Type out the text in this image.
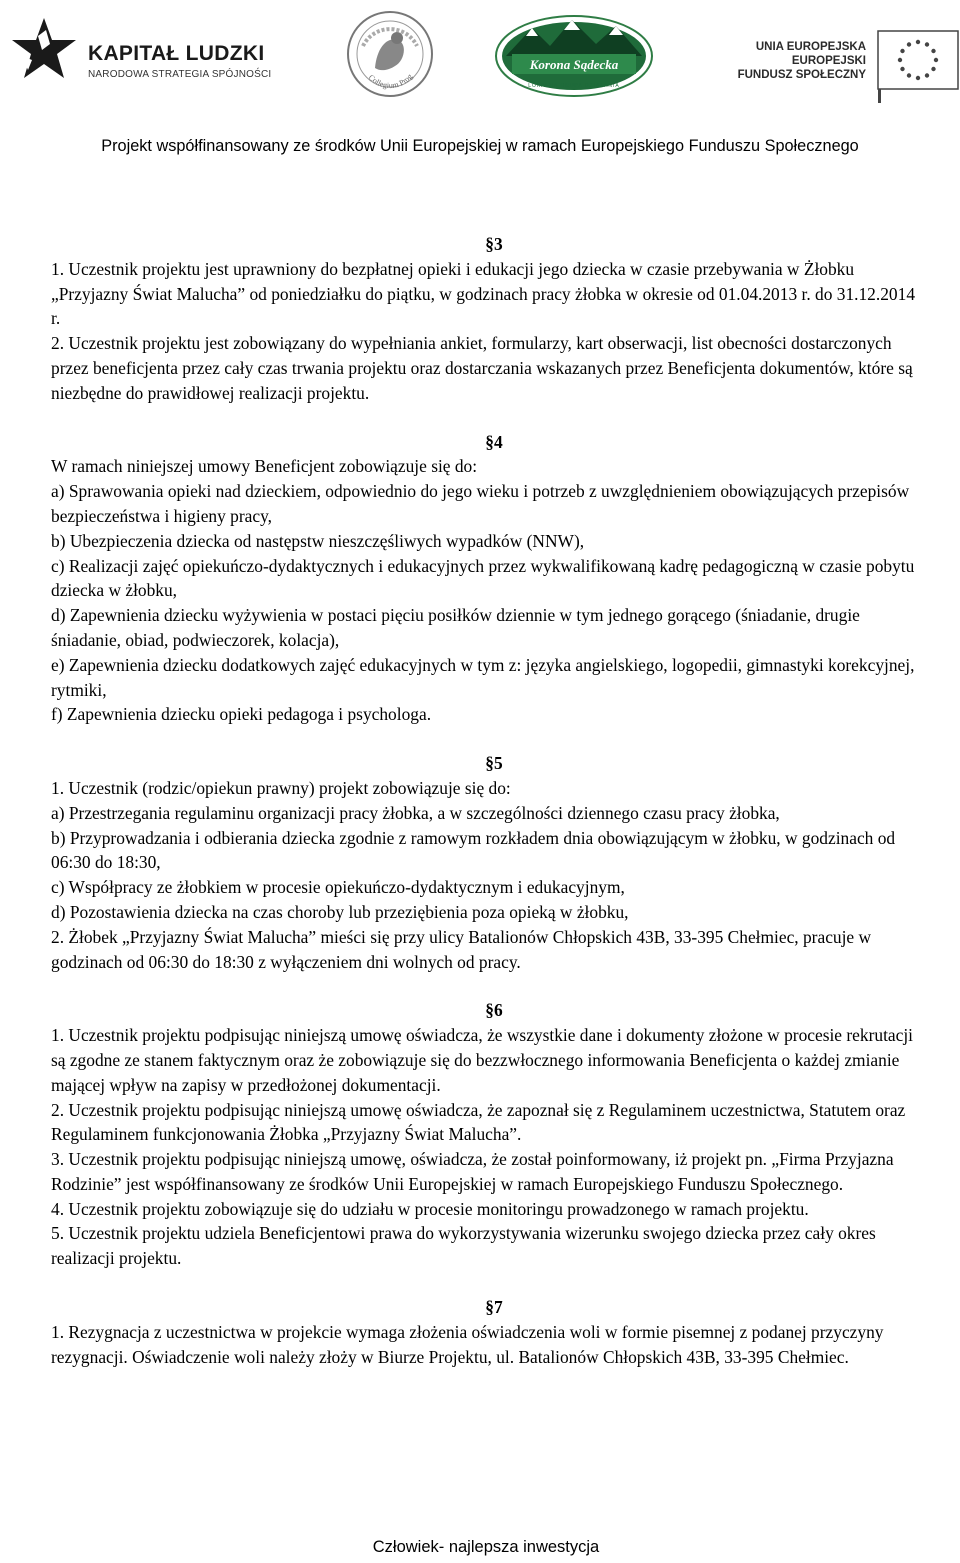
KAPITAŁ LUDZKI
NARODOWA STRATEGIA SPÓJNOŚCI	Collegium Prog
Korona Sądecka
LOKALNA GRUPA DZIAŁANIA
UNIA EUROPEJSKA
EUROPEJSKI
FUNDUSZ SPOŁECZNY
Projekt współfinansowany ze środków Unii Europejskiej w ramach Europejskiego Funduszu Społecznego
§3

1. Uczestnik projektu jest uprawniony do bezpłatnej opieki i edukacji jego dziecka w czasie przebywania w Żłobku „Przyjazny Świat Malucha” od poniedziałku do piątku, w godzinach pracy żłobka w okresie od 01.04.2013 r. do 31.12.2014 r.

2. Uczestnik projektu jest zobowiązany do wypełniania ankiet, formularzy, kart obserwacji, list obecności dostarczonych przez beneficjenta przez cały czas trwania projektu oraz dostarczania wskazanych przez Beneficjenta dokumentów, które są niezbędne do prawidłowej realizacji projektu.

§4

W ramach niniejszej umowy Beneficjent zobowiązuje się do:

a) Sprawowania opieki nad dzieckiem, odpowiednio do jego wieku i potrzeb z uwzględnieniem obowiązujących przepisów bezpieczeństwa i higieny pracy,

b) Ubezpieczenia dziecka od następstw nieszczęśliwych wypadków (NNW),

c) Realizacji zajęć opiekuńczo-dydaktycznych i edukacyjnych przez wykwalifikowaną kadrę pedagogiczną w czasie pobytu dziecka w żłobku,

d) Zapewnienia dziecku wyżywienia w postaci pięciu posiłków dziennie w tym jednego gorącego (śniadanie, drugie śniadanie, obiad, podwieczorek, kolacja),

e) Zapewnienia dziecku dodatkowych zajęć edukacyjnych w tym z: języka angielskiego, logopedii, gimnastyki korekcyjnej, rytmiki,

f) Zapewnienia dziecku opieki pedagoga i psychologa.

§5

1. Uczestnik (rodzic/opiekun prawny) projekt zobowiązuje się do:

a) Przestrzegania regulaminu organizacji pracy żłobka, a w szczególności dziennego czasu pracy żłobka,

b) Przyprowadzania i odbierania dziecka zgodnie z ramowym rozkładem dnia obowiązującym w żłobku, w godzinach od 06:30 do 18:30,

c) Współpracy ze żłobkiem w procesie opiekuńczo-dydaktycznym i edukacyjnym,

d) Pozostawienia dziecka na czas choroby lub przeziębienia poza opieką w żłobku,

2. Żłobek „Przyjazny Świat Malucha” mieści się przy ulicy Batalionów Chłopskich 43B, 33-395 Chełmiec, pracuje w godzinach od 06:30 do 18:30 z wyłączeniem dni wolnych od pracy.

§6

1. Uczestnik projektu podpisując niniejszą umowę oświadcza, że wszystkie dane i dokumenty złożone w procesie rekrutacji są zgodne ze stanem faktycznym oraz że zobowiązuje się do bezzwłocznego informowania Beneficjenta o każdej zmianie mającej wpływ na zapisy w przedłożonej dokumentacji.

2. Uczestnik projektu podpisując niniejszą umowę oświadcza, że zapoznał się z Regulaminem uczestnictwa, Statutem oraz Regulaminem funkcjonowania Żłobka „Przyjazny Świat Malucha”.

3. Uczestnik projektu podpisując niniejszą umowę, oświadcza, że został poinformowany, iż projekt pn. „Firma Przyjazna Rodzinie” jest współfinansowany ze środków Unii Europejskiej w ramach Europejskiego Funduszu Społecznego.

4. Uczestnik projektu zobowiązuje się do udziału w procesie monitoringu prowadzonego w ramach projektu.

5. Uczestnik projektu udziela Beneficjentowi prawa do wykorzystywania wizerunku swojego dziecka przez cały okres realizacji projektu.

§7

1. Rezygnacja z uczestnictwa w projekcie wymaga złożenia oświadczenia woli w formie pisemnej z podanej przyczyny rezygnacji. Oświadczenie woli należy złoży w Biurze Projektu, ul. Batalionów Chłopskich 43B, 33-395 Chełmiec.

Człowiek- najlepsza inwestycja
